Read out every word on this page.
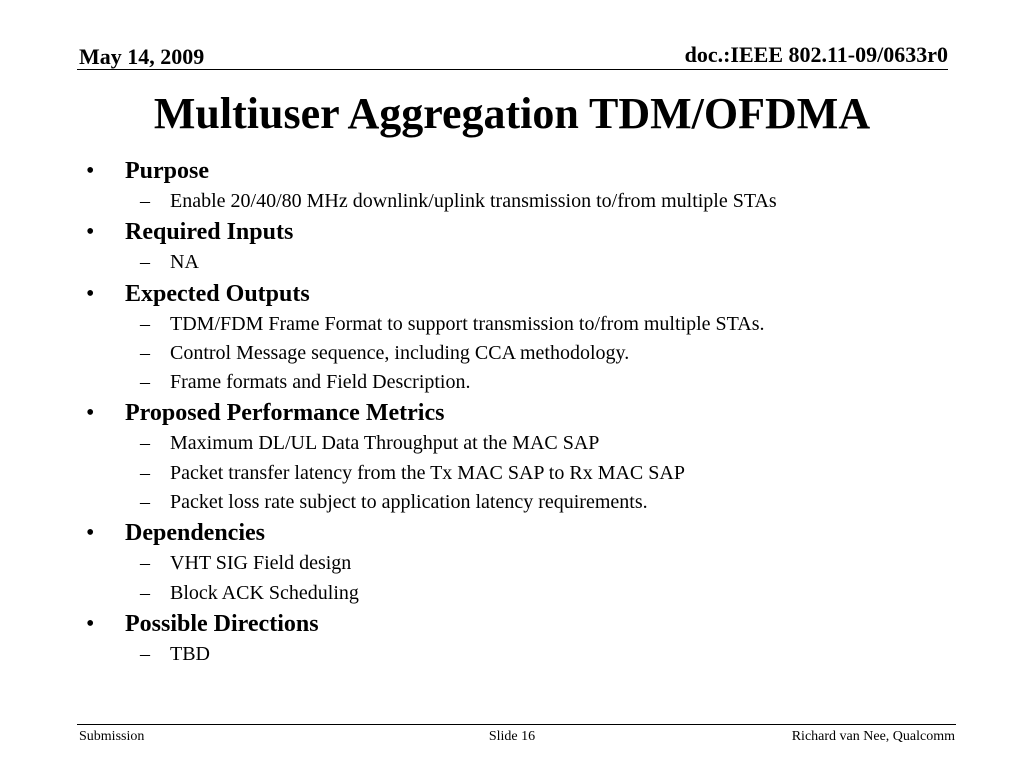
May 14, 2009	doc.:IEEE 802.11-09/0633r0
Multiuser Aggregation TDM/OFDMA
• Purpose
– Enable 20/40/80 MHz downlink/uplink transmission to/from multiple STAs
• Required Inputs
– NA
• Expected Outputs
– TDM/FDM Frame Format to support transmission to/from multiple STAs.
– Control Message sequence, including CCA methodology.
– Frame formats and Field Description.
• Proposed Performance Metrics
– Maximum DL/UL Data Throughput at the MAC SAP
– Packet transfer latency from the Tx MAC SAP to Rx MAC SAP
– Packet loss rate subject to application latency requirements.
• Dependencies
– VHT SIG Field design
– Block ACK Scheduling
• Possible Directions
– TBD
Submission	Slide 16	Richard van Nee, Qualcomm
